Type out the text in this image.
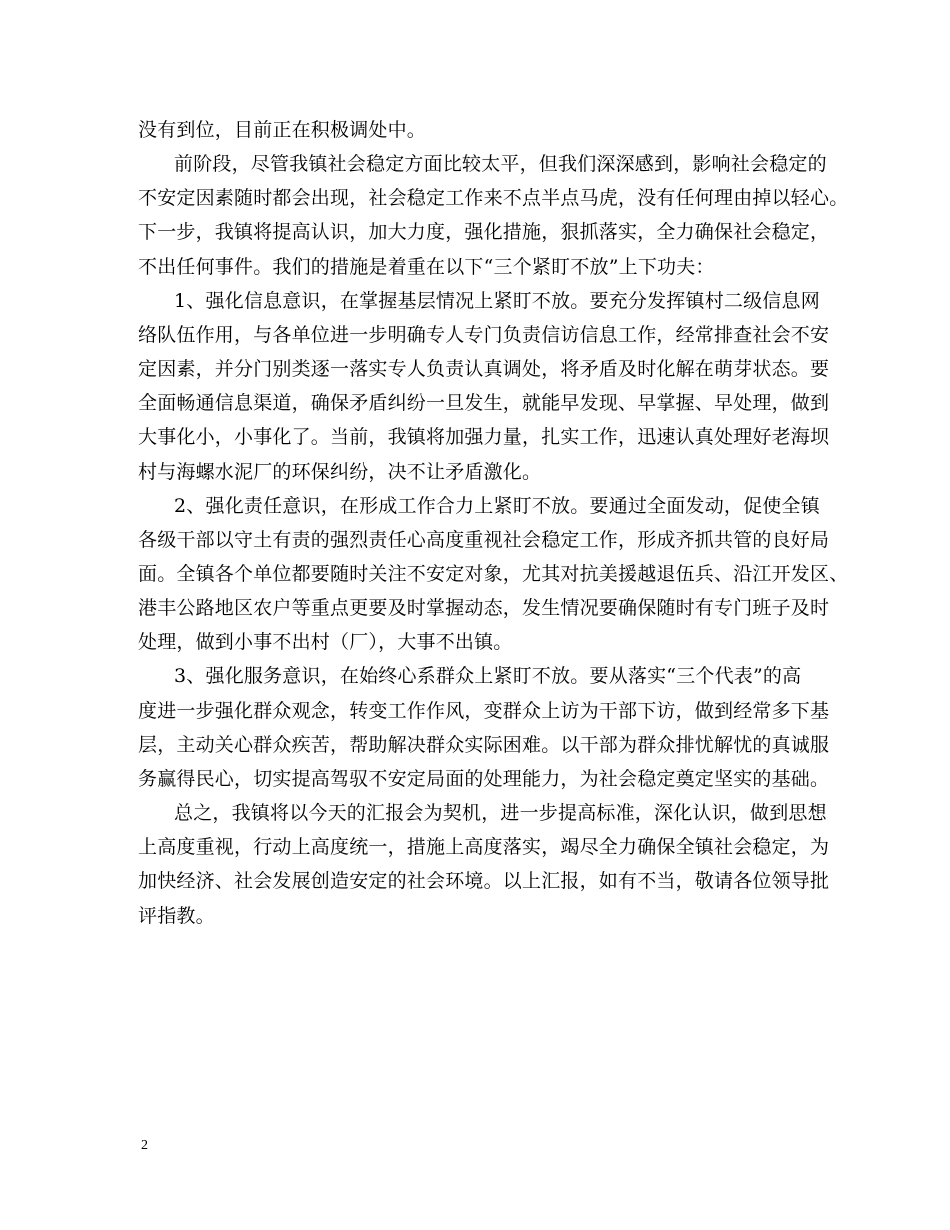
没有到位，目前正在积极调处中。
前阶段，尽管我镇社会稳定方面比较太平，但我们深深感到，影响社会稳定的
不安定因素随时都会出现，社会稳定工作来不点半点马虎，没有任何理由掉以轻心。
下一步，我镇将提高认识，加大力度，强化措施，狠抓落实，全力确保社会稳定，
不出任何事件。我们的措施是着重在以下“三个紧盯不放”上下功夫：
1、强化信息意识，在掌握基层情况上紧盯不放。要充分发挥镇村二级信息网
络队伍作用，与各单位进一步明确专人专门负责信访信息工作，经常排查社会不安
定因素，并分门别类逐一落实专人负责认真调处，将矛盾及时化解在萌芽状态。要
全面畅通信息渠道，确保矛盾纠纷一旦发生，就能早发现、早掌握、早处理，做到
大事化小，小事化了。当前，我镇将加强力量，扎实工作，迅速认真处理好老海坝
村与海螺水泥厂的环保纠纷，决不让矛盾激化。
2、强化责任意识，在形成工作合力上紧盯不放。要通过全面发动，促使全镇
各级干部以守土有责的强烈责任心高度重视社会稳定工作，形成齐抓共管的良好局
面。全镇各个单位都要随时关注不安定对象，尤其对抗美援越退伍兵、沿江开发区、
港丰公路地区农户等重点更要及时掌握动态，发生情况要确保随时有专门班子及时
处理，做到小事不出村（厂），大事不出镇。
3、强化服务意识，在始终心系群众上紧盯不放。要从落实“三个代表”的高
度进一步强化群众观念，转变工作作风，变群众上访为干部下访，做到经常多下基
层，主动关心群众疾苦，帮助解决群众实际困难。以干部为群众排忧解忧的真诚服
务赢得民心，切实提高驾驭不安定局面的处理能力，为社会稳定奠定坚实的基础。
总之，我镇将以今天的汇报会为契机，进一步提高标准，深化认识，做到思想
上高度重视，行动上高度统一，措施上高度落实，竭尽全力确保全镇社会稳定，为
加快经济、社会发展创造安定的社会环境。以上汇报，如有不当，敬请各位领导批
评指教。
2
